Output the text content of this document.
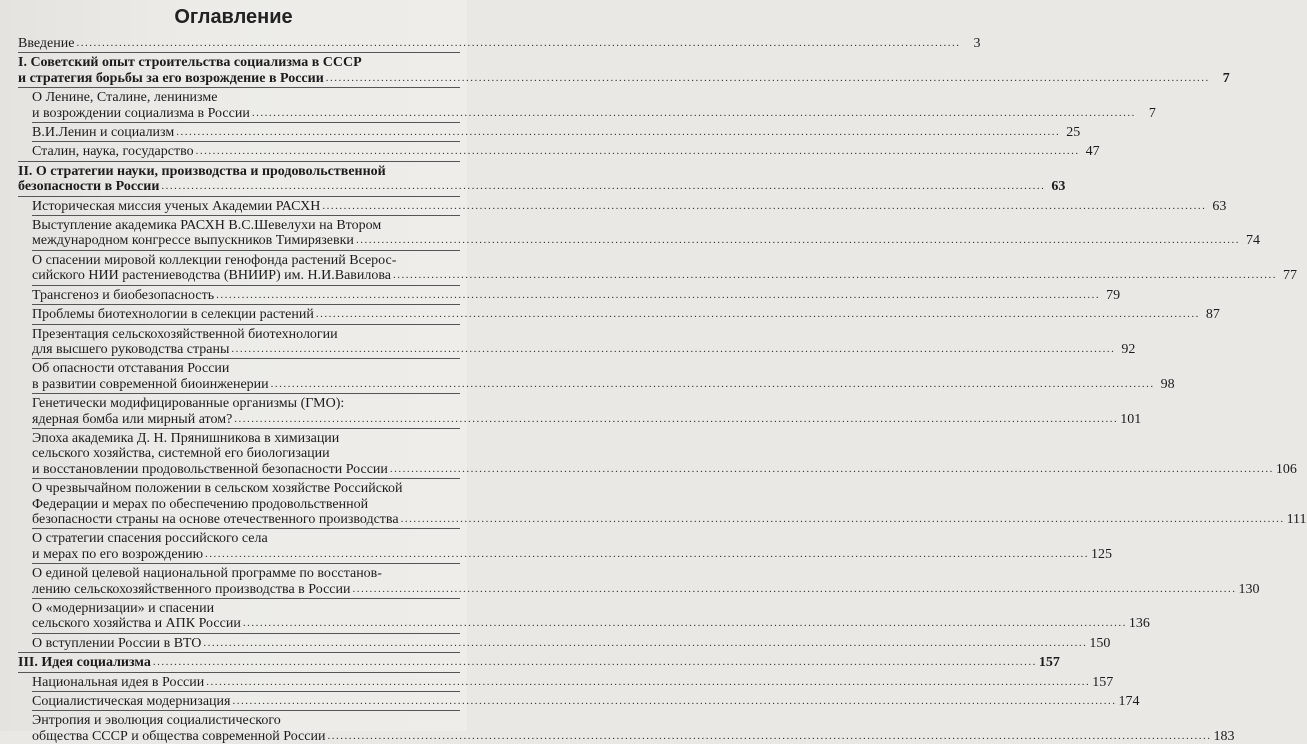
Оглавление
Введение .....	3
I. Советский опыт строительства социализма в СССР
и стратегия борьбы за его возрождение в России .....	7
О Ленине, Сталине, ленинизме
и возрождении социализма в России .....	7
В.И.Ленин и социализм .....	25
Сталин, наука, государство .....	47
II. О стратегии науки, производства и продовольственной
безопасности в России .....	63
Историческая миссия ученых Академии РАСХН .....	63
Выступление академика РАСХН В.С.Шевелухи на Втором
международном конгрессе выпускников Тимирязевки .....	74
О спасении мировой коллекции генофонда растений Всерос-
сийского НИИ растениеводства (ВНИИР) им. Н.И.Вавилова .....	77
Трансгеноз и биобезопасность .....	79
Проблемы биотехнологии в селекции растений .....	87
Презентация сельскохозяйственной биотехнологии
для высшего руководства страны .....	92
Об опасности отставания России
в развитии современной биоинженерии .....	98
Генетически модифицированные организмы (ГМО):
ядерная бомба или мирный атом? .....	101
Эпоха академика Д. Н. Прянишникова в химизации
сельского хозяйства, системной его биологизации
и восстановлении продовольственной безопасности России .....	106
О чрезвычайном положении в сельском хозяйстве Российской
Федерации и мерах по обеспечению продовольственной
безопасности страны на основе отечественного производства .....	111
О стратегии спасения российского села
и мерах по его возрождению .....	125
О единой целевой национальной программе по восстанов-
лению сельскохозяйственного производства в России .....	130
О «модернизации» и спасении
сельского хозяйства и АПК России .....	136
О вступлении России в ВТО .....	150
III. Идея социализма .....	157
Национальная идея в России .....	157
Социалистическая модернизация .....	174
Энтропия и эволюция социалистического
общества СССР и общества современной России .....	183
